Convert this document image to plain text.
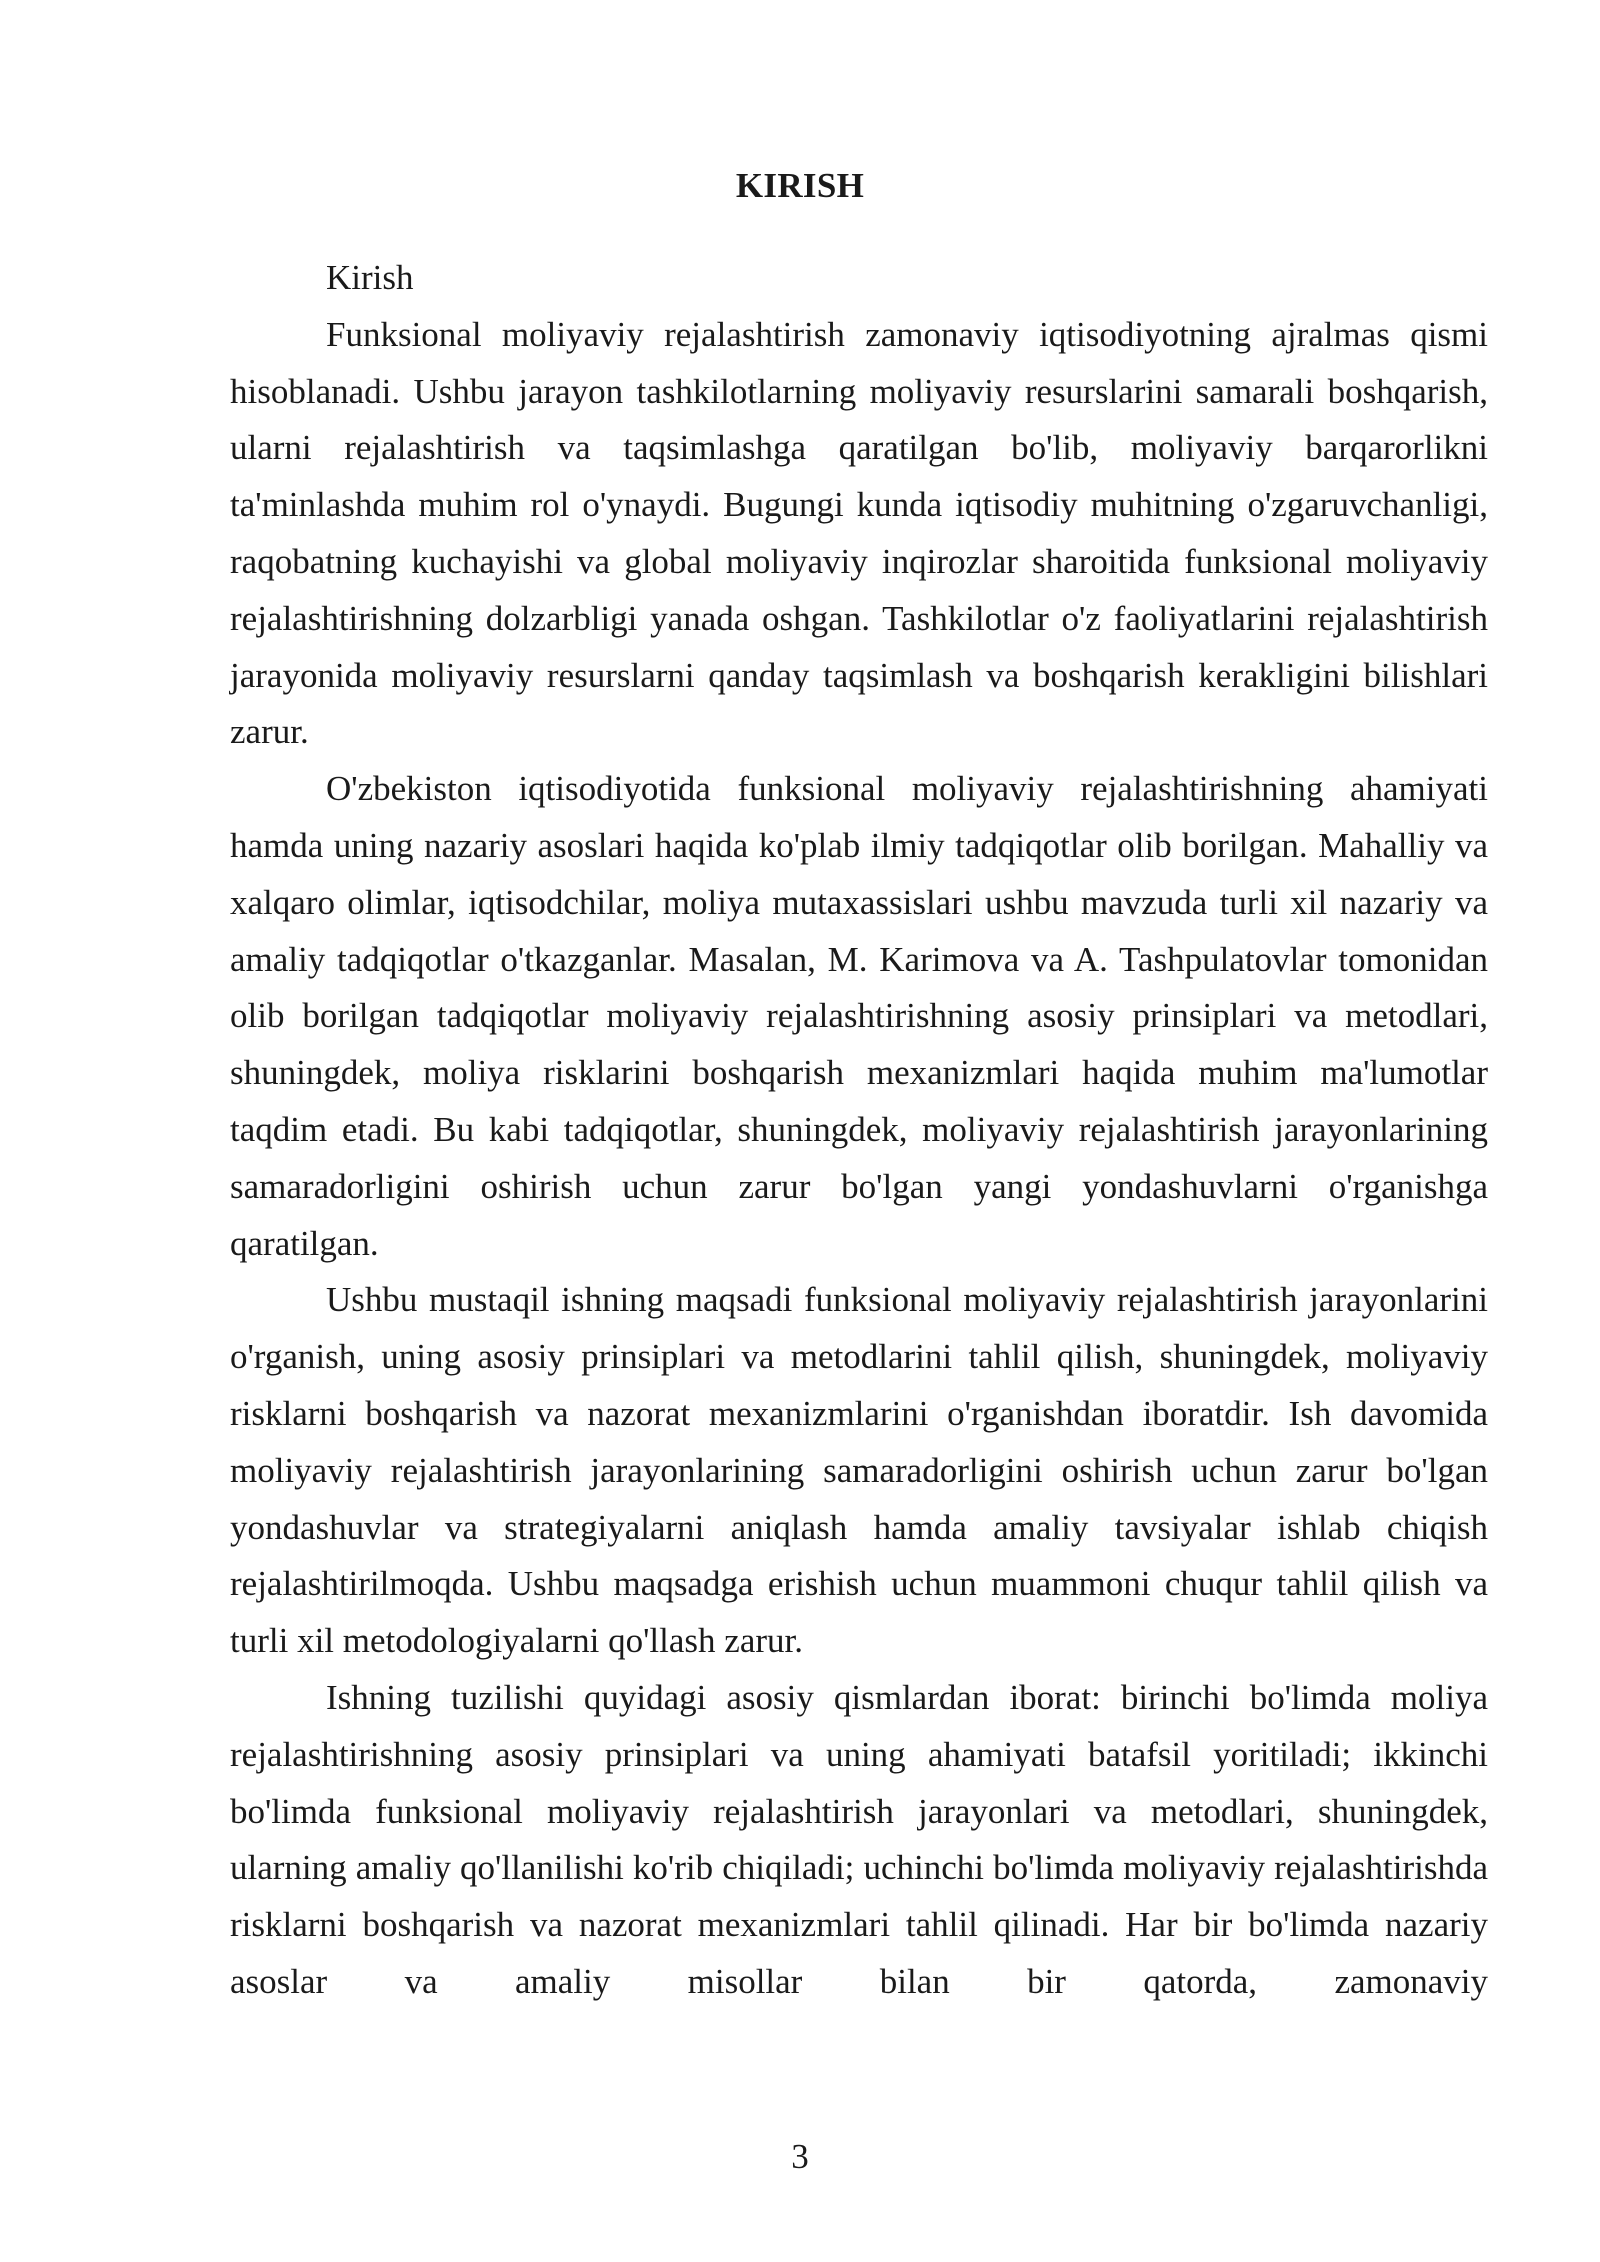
KIRISH

Kirish

Funksional moliyaviy rejalashtirish zamonaviy iqtisodiyotning ajralmas qismi hisoblanadi. Ushbu jarayon tashkilotlarning moliyaviy resurslarini samarali boshqarish, ularni rejalashtirish va taqsimlashga qaratilgan bo'lib, moliyaviy barqarorlikni ta'minlashda muhim rol o'ynaydi. Bugungi kunda iqtisodiy muhitning o'zgaruvchanligi, raqobatning kuchayishi va global moliyaviy inqirozlar sharoitida funksional moliyaviy rejalashtirishning dolzarbligi yanada oshgan. Tashkilotlar o'z faoliyatlarini rejalashtirish jarayonida moliyaviy resurslarni qanday taqsimlash va boshqarish kerakligini bilishlari zarur.

O'zbekiston iqtisodiyotida funksional moliyaviy rejalashtirishning ahamiyati hamda uning nazariy asoslari haqida ko'plab ilmiy tadqiqotlar olib borilgan. Mahalliy va xalqaro olimlar, iqtisodchilar, moliya mutaxassislari ushbu mavzuda turli xil nazariy va amaliy tadqiqotlar o'tkazganlar. Masalan, M. Karimova va A. Tashpulatovlar tomonidan olib borilgan tadqiqotlar moliyaviy rejalashtirishning asosiy prinsiplari va metodlari, shuningdek, moliya risklarini boshqarish mexanizmlari haqida muhim ma'lumotlar taqdim etadi. Bu kabi tadqiqotlar, shuningdek, moliyaviy rejalashtirish jarayonlarining samaradorligini oshirish uchun zarur bo'lgan yangi yondashuvlarni o'rganishga qaratilgan.

Ushbu mustaqil ishning maqsadi funksional moliyaviy rejalashtirish jarayonlarini o'rganish, uning asosiy prinsiplari va metodlarini tahlil qilish, shuningdek, moliyaviy risklarni boshqarish va nazorat mexanizmlarini o'rganishdan iboratdir. Ish davomida moliyaviy rejalashtirish jarayonlarining samaradorligini oshirish uchun zarur bo'lgan yondashuvlar va strategiyalarni aniqlash hamda amaliy tavsiyalar ishlab chiqish rejalashtirilmoqda. Ushbu maqsadga erishish uchun muammoni chuqur tahlil qilish va turli xil metodologiyalarni qo'llash zarur.

Ishning tuzilishi quyidagi asosiy qismlardan iborat: birinchi bo'limda moliya rejalashtirishning asosiy prinsiplari va uning ahamiyati batafsil yoritiladi; ikkinchi bo'limda funksional moliyaviy rejalashtirish jarayonlari va metodlari, shuningdek, ularning amaliy qo'llanilishi ko'rib chiqiladi; uchinchi bo'limda moliyaviy rejalashtirishda risklarni boshqarish va nazorat mexanizmlari tahlil qilinadi. Har bir bo'limda nazariy asoslar va amaliy misollar bilan bir qatorda, zamonaviy

3
